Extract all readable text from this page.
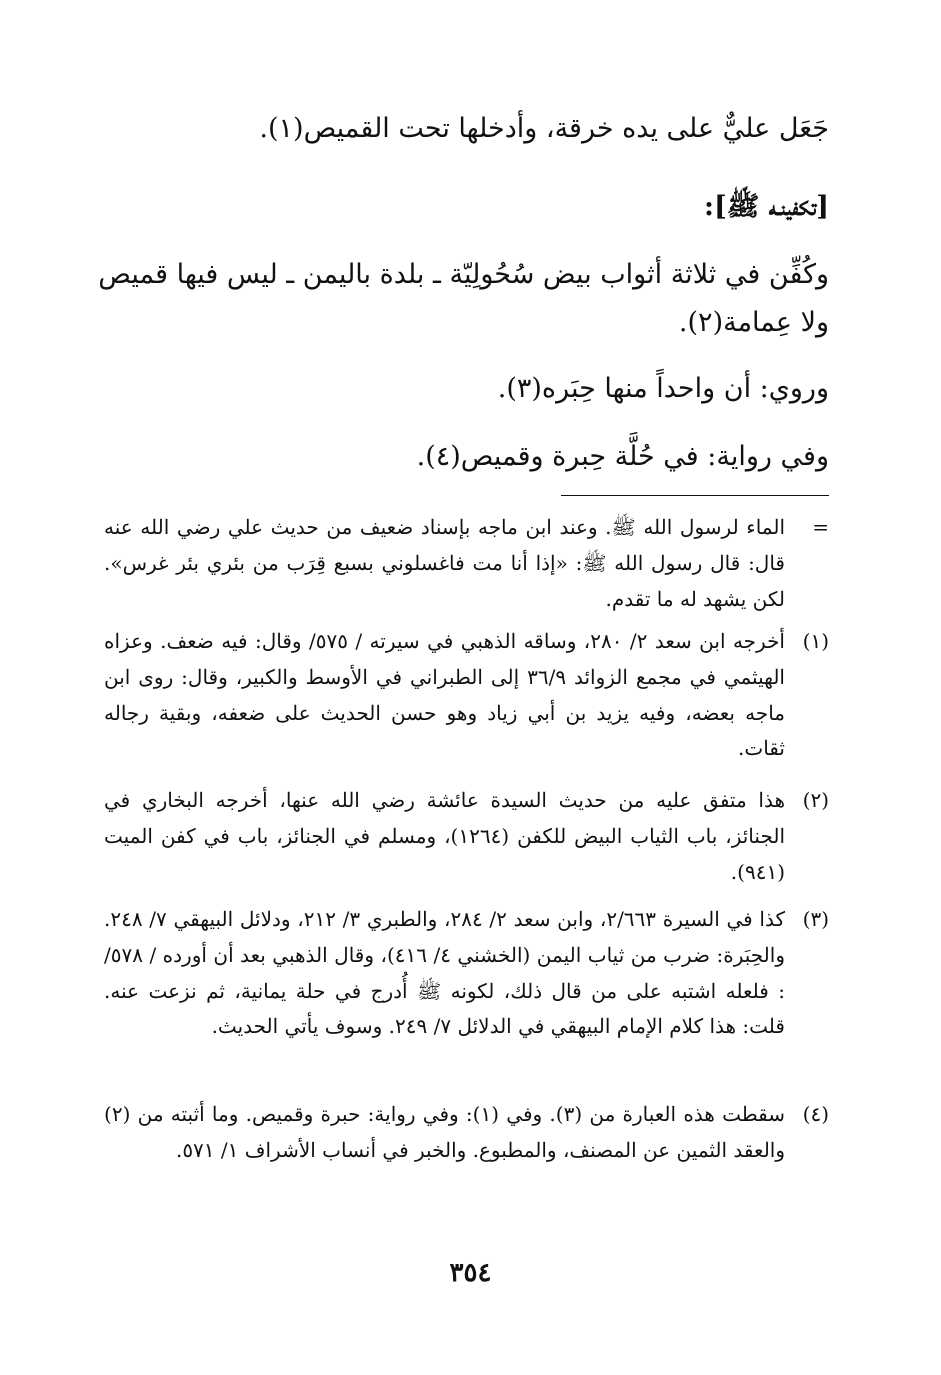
جَعَل عليٌّ على يده خرقة، وأدخلها تحت القميص(١).
[تكفينـه ﷺ]:
وكُفِّن في ثلاثة أثواب بيض سُحُولِيّة ـ بلدة باليمن ـ ليس فيها قميص
ولا عِمامة(٢).
وروي: أن واحداً منها حِبَره(٣).
وفي رواية: في حُلَّة حِبرة وقميص(٤).
=
الماء لرسول الله ﷺ. وعند ابن ماجه بإسناد ضعيف من حديث علي رضي الله عنه قال: قال رسول الله ﷺ: «إذا أنا مت فاغسلوني بسبع قِرَب من بئري بئر غرس». لكن يشهد له ما تقدم.
(١)
أخرجه ابن سعد ٢/ ٢٨٠، وساقه الذهبي في سيرته / ٥٧٥/ وقال: فيه ضعف. وعزاه الهيثمي في مجمع الزوائد ٣٦/٩ إلى الطبراني في الأوسط والكبير، وقال: روى ابن ماجه بعضه، وفيه يزيد بن أبي زياد وهو حسن الحديث على ضعفه، وبقية رجاله ثقات.
(٢)
هذا متفق عليه من حديث السيدة عائشة رضي الله عنها، أخرجه البخاري في الجنائز، باب الثياب البيض للكفن (١٢٦٤)، ومسلم في الجنائز، باب في كفن الميت (٩٤١).
(٣)
كذا في السيرة ٢/٦٦٣، وابن سعد ٢/ ٢٨٤، والطبري ٣/ ٢١٢، ودلائل البيهقي ٧/ ٢٤٨. والحِبَرة: ضرب من ثياب اليمن (الخشني ٤/ ٤١٦)، وقال الذهبي بعد أن أورده / ٥٧٨/ : فلعله اشتبه على من قال ذلك، لكونه ﷺ أُدرج في حلة يمانية، ثم نزعت عنه. قلت: هذا كلام الإمام البيهقي في الدلائل ٧/ ٢٤٩. وسوف يأتي الحديث.
(٤)
سقطت هذه العبارة من (٣). وفي (١): وفي رواية: حبرة وقميص. وما أثبته من (٢) والعقد الثمين عن المصنف، والمطبوع. والخبر في أنساب الأشراف ١/ ٥٧١.
٣٥٤
